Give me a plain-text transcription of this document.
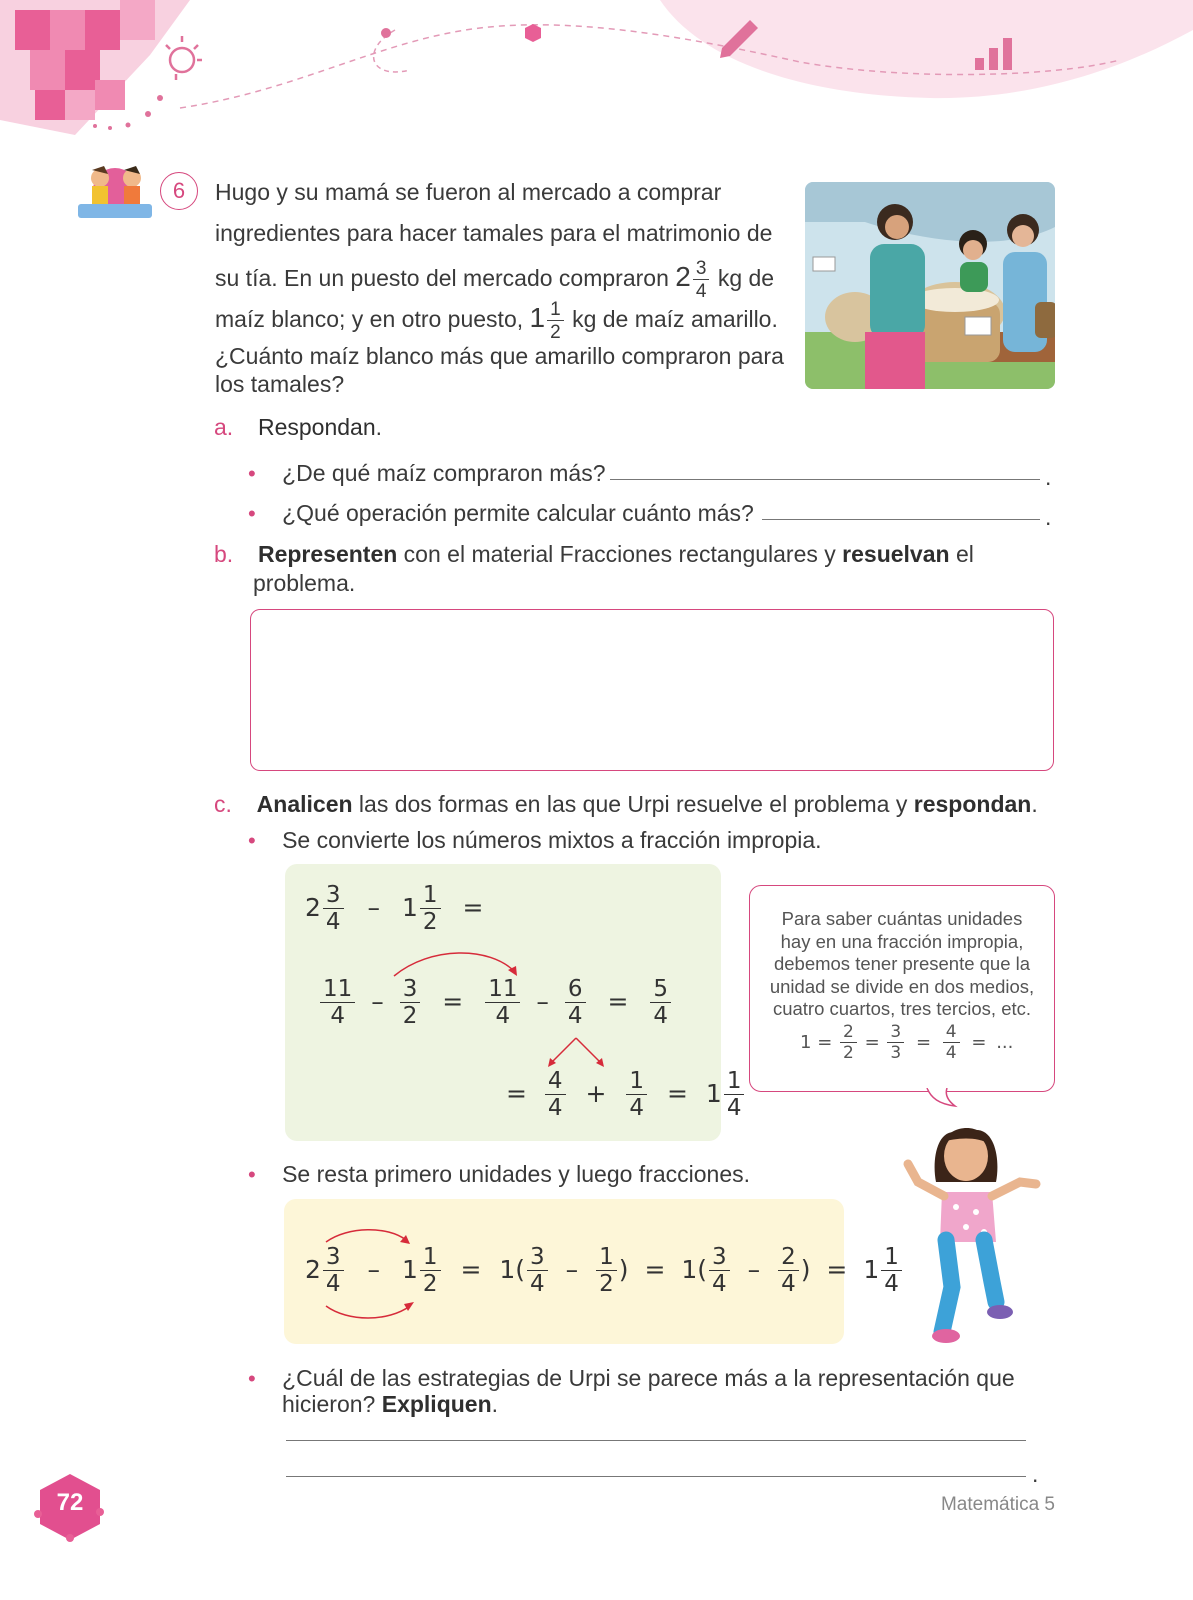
6	Hugo y su mamá se fueron al mercado a comprar
ingredientes para hacer tamales para el matrimonio de
su tía. En un puesto del mercado compraron $2 \frac{3}{4}$ kg de
maíz blanco; y en otro puesto, $1 \frac{1}{2}$ kg de maíz amarillo.
¿Cuánto maíz blanco más que amarillo compraron para
los tamales?
a. Respondan.
• ¿De qué maíz compraron más?	.
• ¿Qué operación permite calcular cuánto más?	.
b. Representen con el material Fracciones rectangulares y resuelvan el
problema.
c. Analicen las dos formas en las que Urpi resuelve el problema y respondan.
• Se convierte los números mixtos a fracción impropia.
$2 \frac{3}{4} - 1 \frac{1}{2}$ =
$\frac{11}{4} - \frac{3}{2} = \frac{11}{4} - \frac{6}{4} = \frac{5}{4}$
= $\frac{4}{4} + \frac{1}{4} = 1 \frac{1}{4}$
Para saber cuántas unidades
hay en una fracción impropia,
debemos tener presente que la
unidad se divide en dos medios,
cuatro cuartos, tres tercios, etc.
$1 = \frac{2}{2} = \frac{3}{3} = \frac{4}{4}$ = ...
• Se resta primero unidades y luego fracciones.
$2 \frac{3}{4} - 1 \frac{1}{2} = 1( \frac{3}{4} - \frac{1}{2}$ ) = $1( \frac{3}{4} - \frac{2}{4}$ ) = $1 \frac{1}{4}$
• ¿Cuál de las estrategias de Urpi se parece más a la representación que
hicieron? Expliquen.
.
72	Matemática 5
